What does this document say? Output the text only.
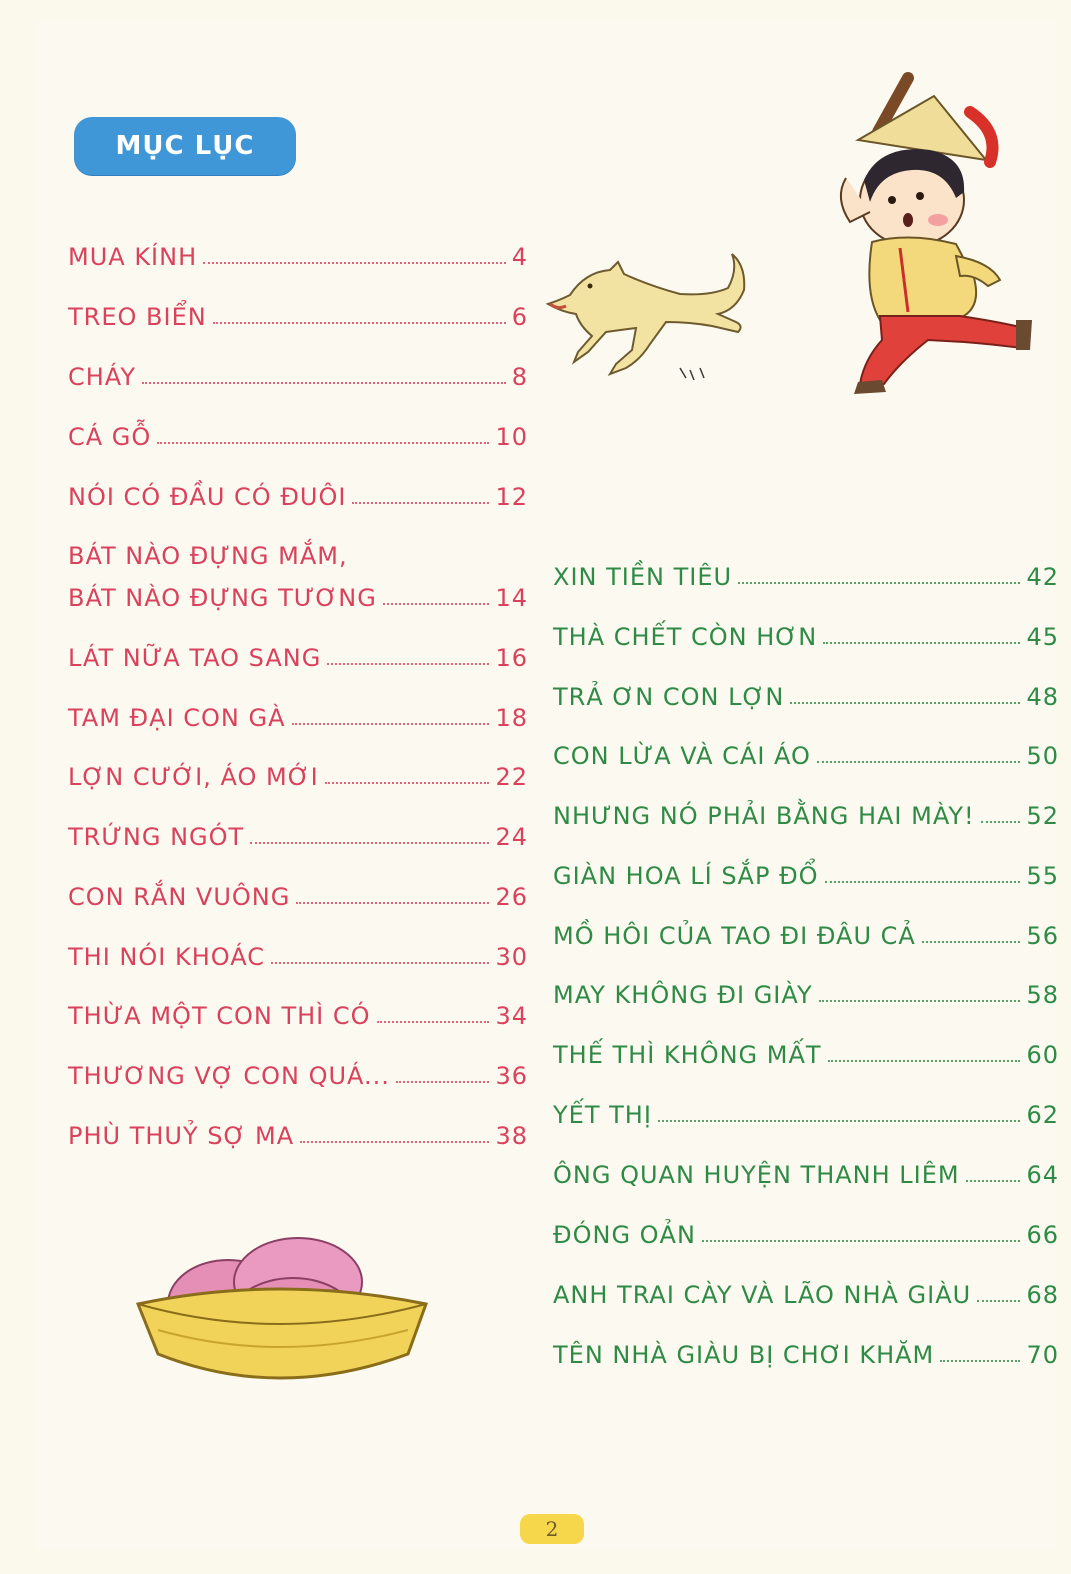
MỤC LỤC
MUA KÍNH	4
TREO BIỂN	6
CHÁY	8
CÁ GỖ	10
NÓI CÓ ĐẦU CÓ ĐUÔI	12
BÁT NÀO ĐỰNG MẮM,
BÁT NÀO ĐỰNG TƯƠNG	14
LÁT NỮA TAO SANG	16
TAM ĐẠI CON GÀ	18
LỢN CƯỚI, ÁO MỚI	22
TRỨNG NGÓT	24
CON RẮN VUÔNG	26
THI NÓI KHOÁC	30
THỪA MỘT CON THÌ CÓ	34
THƯƠNG VỢ CON QUÁ...	36
PHÙ THUỶ SỢ MA	38
XIN TIỀN TIÊU	42
THÀ CHẾT CÒN HƠN	45
TRẢ ƠN CON LỢN	48
CON LỪA VÀ CÁI ÁO	50
NHƯNG NÓ PHẢI BẰNG HAI MÀY! 52
GIÀN HOA LÍ SẮP ĐỔ	55
MỒ HÔI CỦA TAO ĐI ĐÂU CẢ	56
MAY KHÔNG ĐI GIÀY	58
THẾ THÌ KHÔNG MẤT	60
YẾT THỊ	62
ÔNG QUAN HUYỆN THANH LIÊM	64
ĐÓNG OẢN	66
ANH TRAI CÀY VÀ LÃO NHÀ GIÀU 68
TÊN NHÀ GIÀU BỊ CHƠI KHĂM	70
2
